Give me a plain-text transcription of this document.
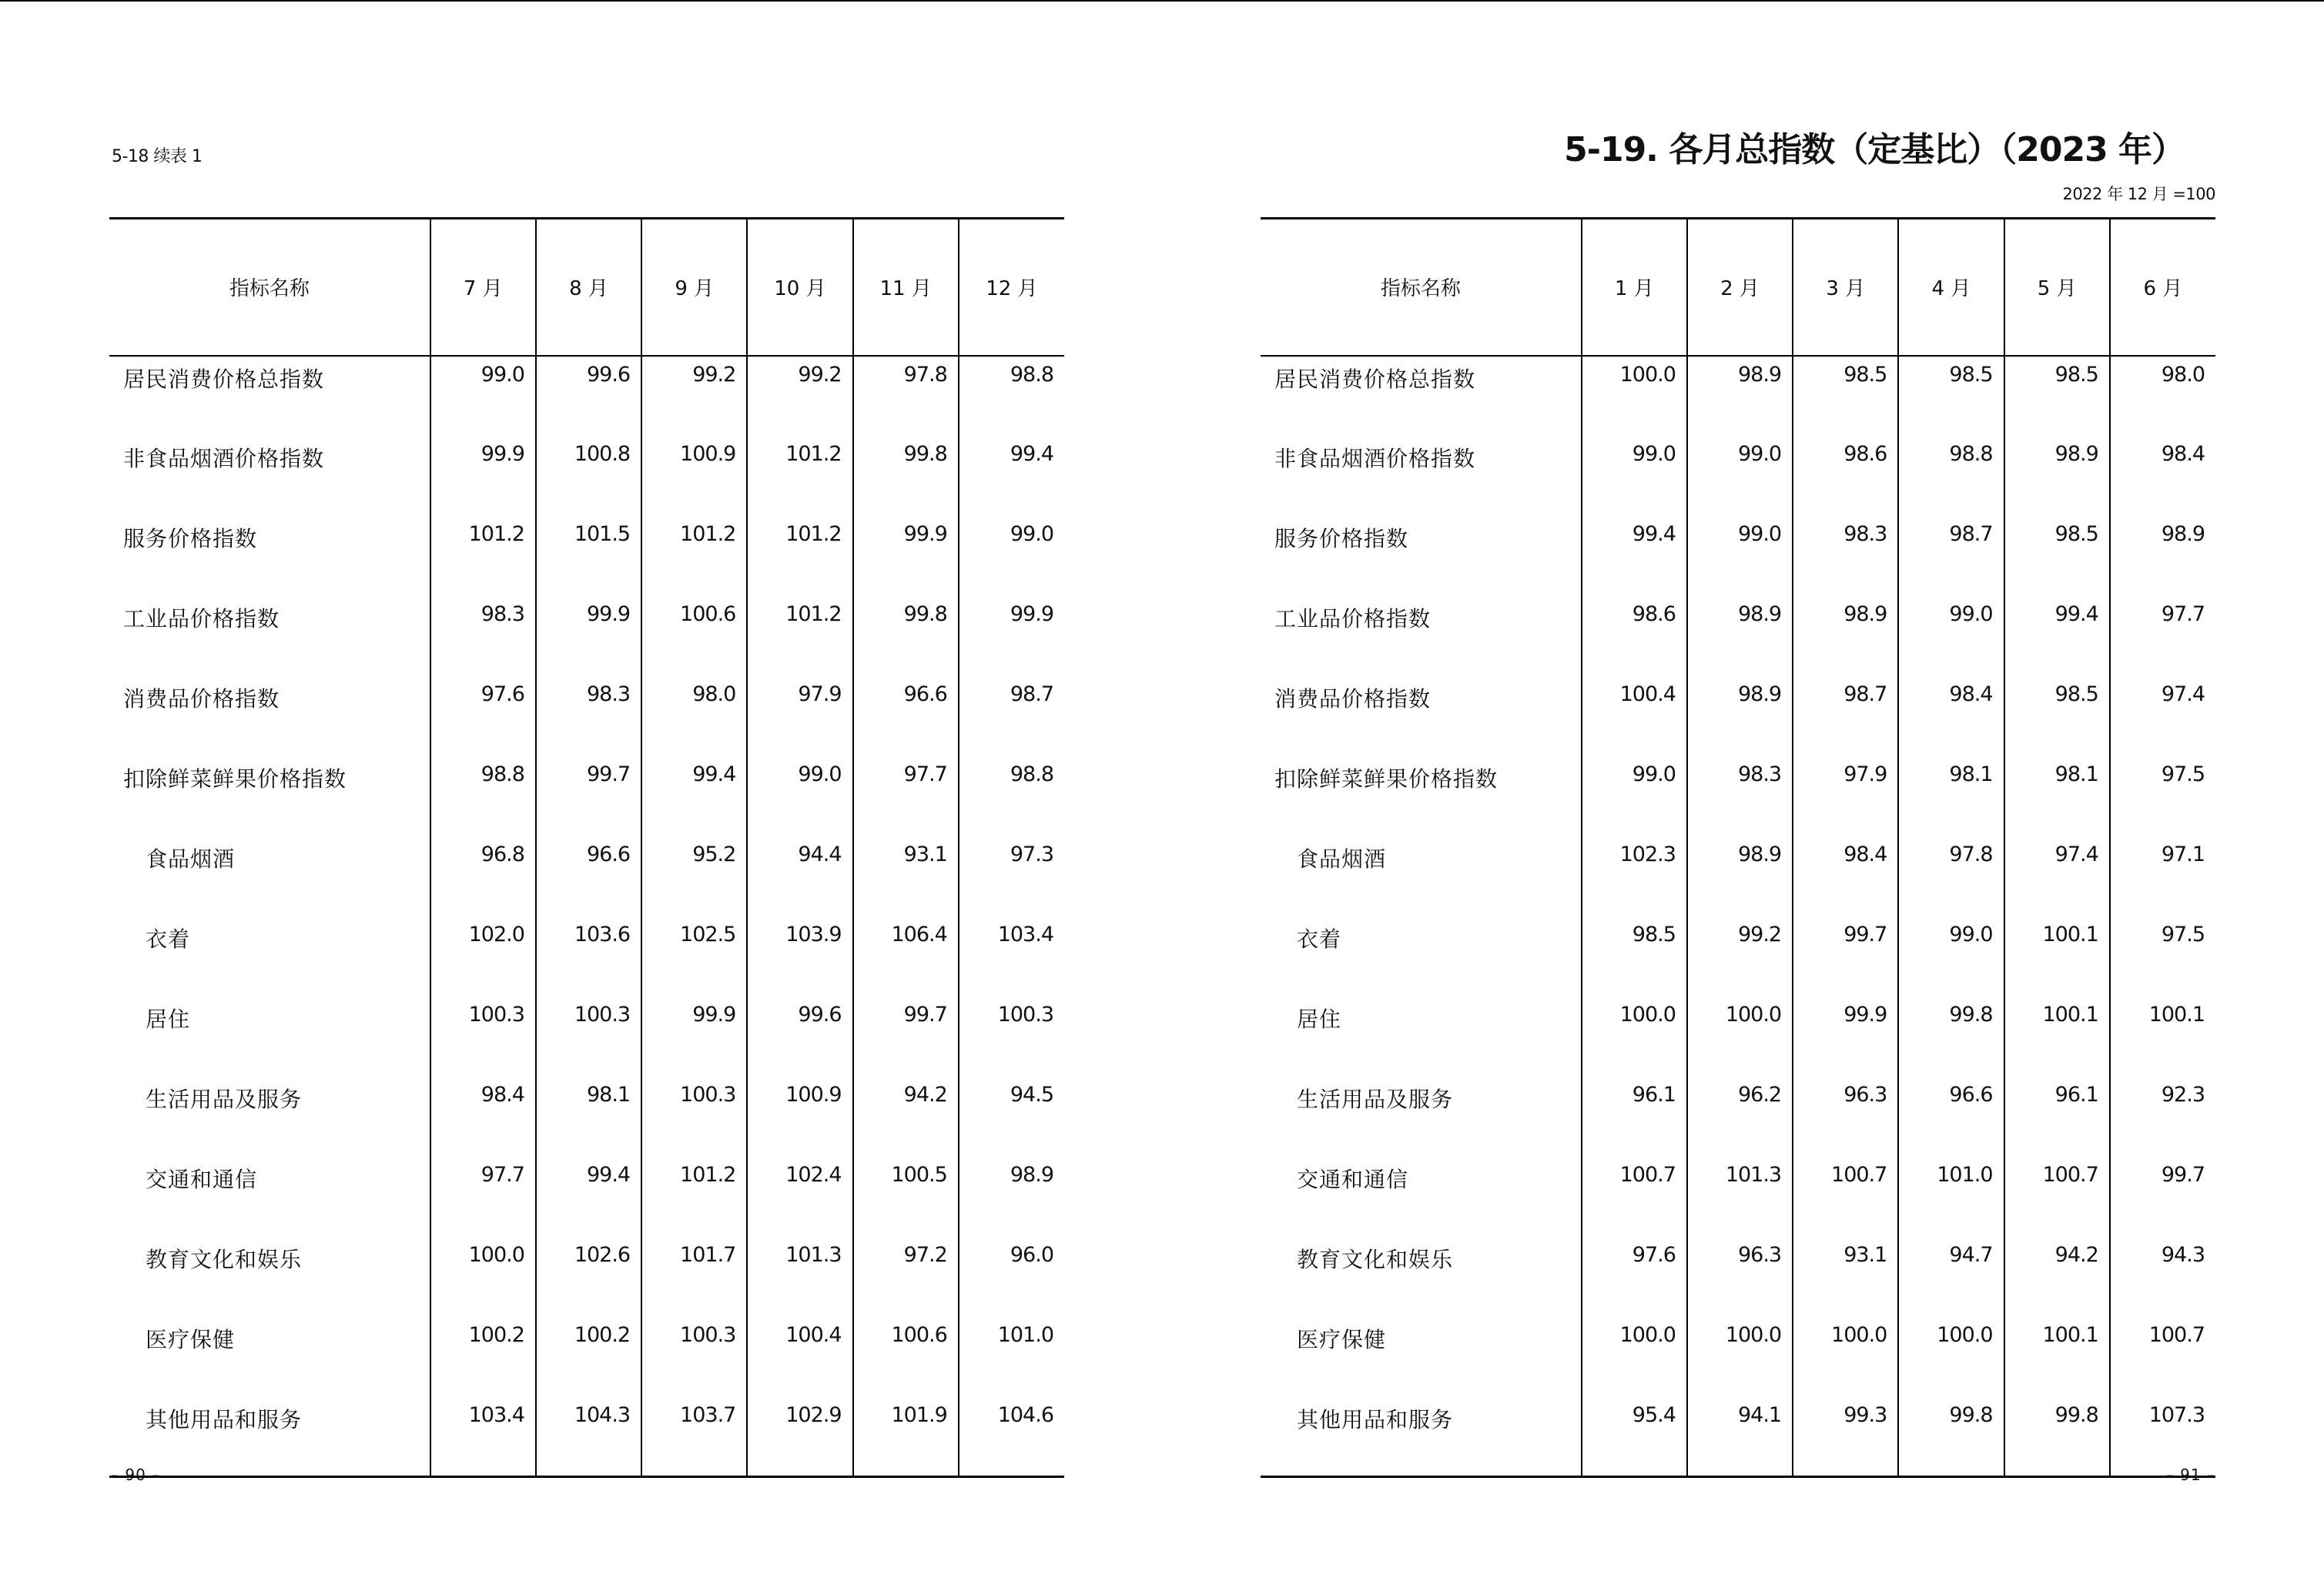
5-18 续表 1
指标名称	7 月	8 月	9 月	10 月	11 月	12 月
居民消费价格总指数	99.0	99.6	99.2	99.2	97.8	98.8
非食品烟酒价格指数	99.9	100.8	100.9	101.2	99.8	99.4
服务价格指数	101.2	101.5	101.2	101.2	99.9	99.0
工业品价格指数	98.3	99.9	100.6	101.2	99.8	99.9
消费品价格指数	97.6	98.3	98.0	97.9	96.6	98.7
扣除鲜菜鲜果价格指数	98.8	99.7	99.4	99.0	97.7	98.8
食品烟酒	96.8	96.6	95.2	94.4	93.1	97.3
衣着	102.0	103.6	102.5	103.9	106.4	103.4
居住	100.3	100.3	99.9	99.6	99.7	100.3
生活用品及服务	98.4	98.1	100.3	100.9	94.2	94.5
交通和通信	97.7	99.4	101.2	102.4	100.5	98.9
教育文化和娱乐	100.0	102.6	101.7	101.3	97.2	96.0
医疗保健	100.2	100.2	100.3	100.4	100.6	101.0
其他用品和服务	103.4	104.3	103.7	102.9	101.9	104.6
– 90 –
5-19. 各月总指数（定基比）（2023 年）
2022 年 12 月 =100
指标名称	1 月	2 月	3 月	4 月	5 月	6 月
居民消费价格总指数	100.0	98.9	98.5	98.5	98.5	98.0
非食品烟酒价格指数	99.0	99.0	98.6	98.8	98.9	98.4
服务价格指数	99.4	99.0	98.3	98.7	98.5	98.9
工业品价格指数	98.6	98.9	98.9	99.0	99.4	97.7
消费品价格指数	100.4	98.9	98.7	98.4	98.5	97.4
扣除鲜菜鲜果价格指数	99.0	98.3	97.9	98.1	98.1	97.5
食品烟酒	102.3	98.9	98.4	97.8	97.4	97.1
衣着	98.5	99.2	99.7	99.0	100.1	97.5
居住	100.0	100.0	99.9	99.8	100.1	100.1
生活用品及服务	96.1	96.2	96.3	96.6	96.1	92.3
交通和通信	100.7	101.3	100.7	101.0	100.7	99.7
教育文化和娱乐	97.6	96.3	93.1	94.7	94.2	94.3
医疗保健	100.0	100.0	100.0	100.0	100.1	100.7
其他用品和服务	95.4	94.1	99.3	99.8	99.8	107.3
– 91 –
